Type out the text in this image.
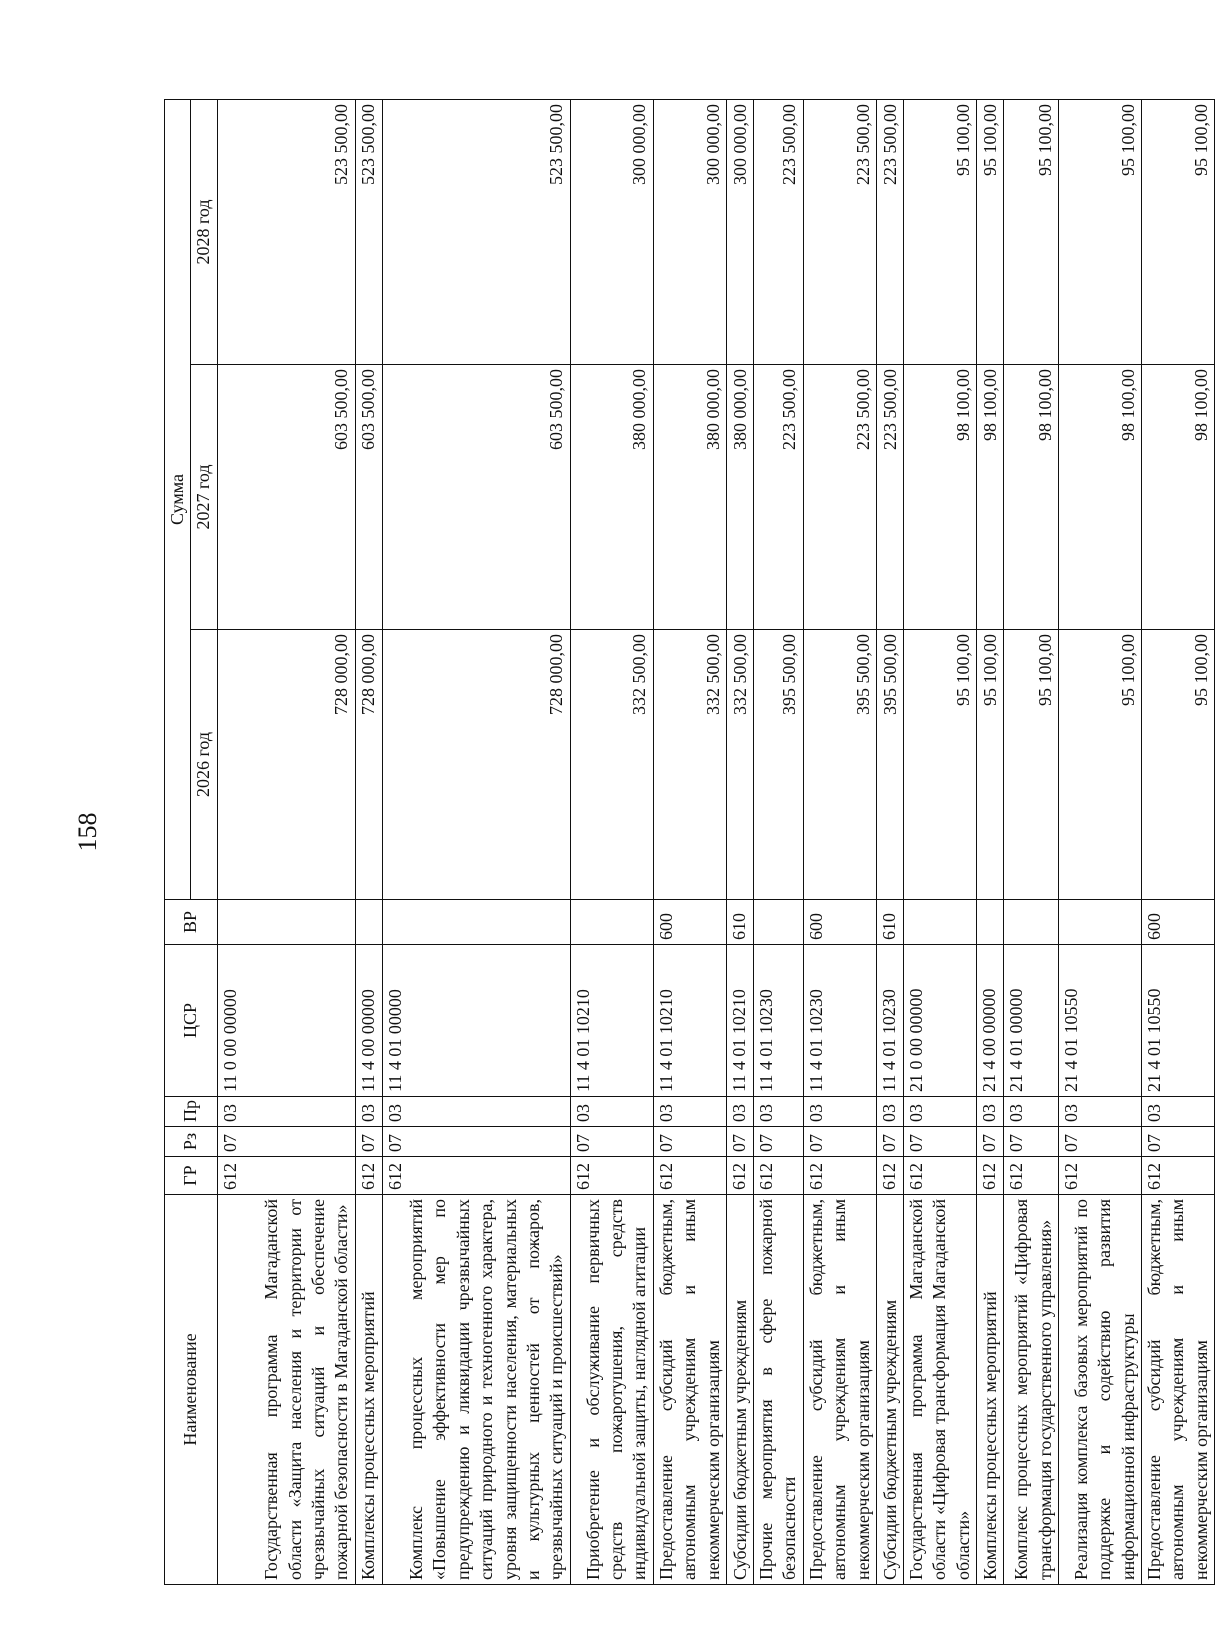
158
Наименование	ГР	Рз	Пр	ЦСР	ВР	Сумма		
						2026 год	2027 год	2028 год
Государственная программа Магаданской области «Защита населения и территории от чрезвычайных ситуаций и обеспечение пожарной безопасности в Магаданской области»	612	07	03	11 0 00 00000		728 000,00	603 500,00	523 500,00
Комплексы процессных мероприятий	612	07	03	11 4 00 00000		728 000,00	603 500,00	523 500,00
Комплекс процессных мероприятий «Повышение эффективности мер по предупреждению и ликвидации чрезвычайных ситуаций природного и техногенного характера, уровня защищенности населения, материальных и культурных ценностей от пожаров, чрезвычайных ситуаций и происшествий»	612	07	03	11 4 01 00000		728 000,00	603 500,00	523 500,00
Приобретение и обслуживание первичных средств пожаротушения, средств индивидуальной защиты, наглядной агитации	612	07	03	11 4 01 10210		332 500,00	380 000,00	300 000,00
Предоставление субсидий бюджетным, автономным учреждениям и иным некоммерческим организациям	612	07	03	11 4 01 10210	600	332 500,00	380 000,00	300 000,00
Субсидии бюджетным учреждениям	612	07	03	11 4 01 10210	610	332 500,00	380 000,00	300 000,00
Прочие мероприятия в сфере пожарной безопасности	612	07	03	11 4 01 10230		395 500,00	223 500,00	223 500,00
Предоставление субсидий бюджетным, автономным учреждениям и иным некоммерческим организациям	612	07	03	11 4 01 10230	600	395 500,00	223 500,00	223 500,00
Субсидии бюджетным учреждениям	612	07	03	11 4 01 10230	610	395 500,00	223 500,00	223 500,00
Государственная программа Магаданской области «Цифровая трансформация Магаданской области»	612	07	03	21 0 00 00000		95 100,00	98 100,00	95 100,00
Комплексы процессных мероприятий	612	07	03	21 4 00 00000		95 100,00	98 100,00	95 100,00
Комплекс процессных мероприятий «Цифровая трансформация государственного управления»	612	07	03	21 4 01 00000		95 100,00	98 100,00	95 100,00
Реализация комплекса базовых мероприятий по поддержке и содействию развития информационной инфраструктуры	612	07	03	21 4 01 10550		95 100,00	98 100,00	95 100,00
Предоставление субсидий бюджетным, автономным учреждениям и иным некоммерческим организациям	612	07	03	21 4 01 10550	600	95 100,00	98 100,00	95 100,00
